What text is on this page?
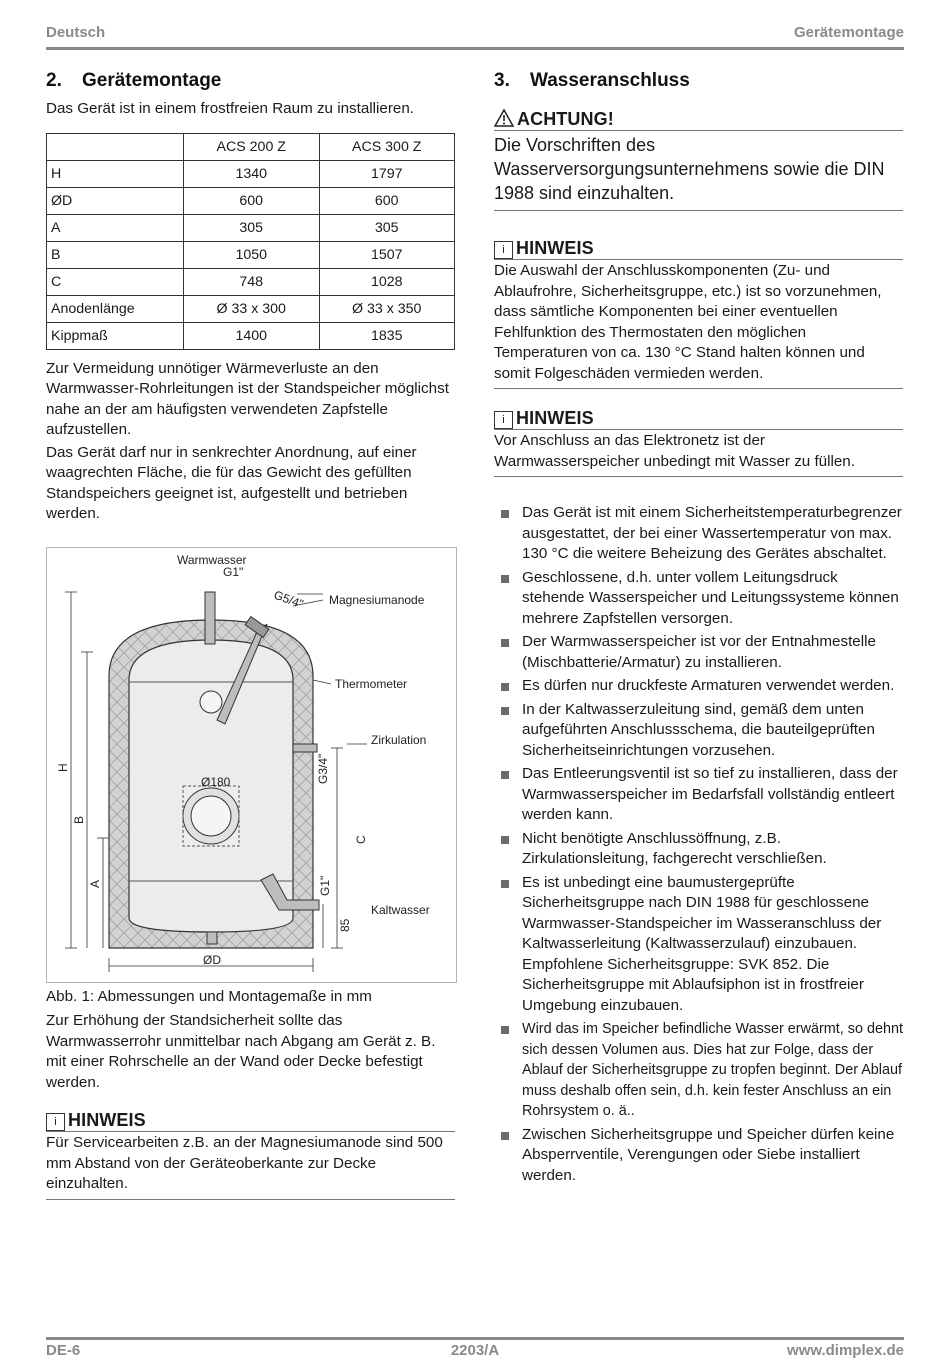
Deutsch	Gerätemontage
2. Gerätemontage

Das Gerät ist in einem frostfreien Raum zu installieren.

	ACS 200 Z	ACS 300 Z
H	1340	1797
ØD	600	600
A	305	305
B	1050	1507
C	748	1028
Anodenlänge	Ø 33 x 300	Ø 33 x 350
Kippmaß	1400	1835

Zur Vermeidung unnötiger Wärmeverluste an den Warmwasser-Rohrleitungen ist der Standspeicher möglichst nahe an der am häufigsten verwendeten Zapfstelle aufzustellen.

Das Gerät darf nur in senkrechter Anordnung, auf einer waagrechten Fläche, die für das Gewicht des gefüllten Standspeichers geeignet ist, aufgestellt und betrieben werden.

Warmwasser
G1"
G5/4" Magnesiumanode
Thermometer
Zirkulation
G3/4"
Ø180
H
B
A
C
G1"
Kaltwasser
85
ØD

Abb. 1: Abmessungen und Montagemaße in mm

Zur Erhöhung der Standsicherheit sollte das Warmwasserrohr unmittelbar nach Abgang am Gerät z. B. mit einer Rohrschelle an der Wand oder Decke befestigt werden.

i HINWEIS

Für Servicearbeiten z.B. an der Magnesiumanode sind 500 mm Abstand von der Geräteoberkante zur Decke einzuhalten.

3. Wasseranschluss
ACHTUNG!
Die Vorschriften des Wasserversorgungsunternehmens sowie die DIN 1988 sind einzuhalten.
i HINWEIS

Die Auswahl der Anschlusskomponenten (Zu- und Ablaufrohre, Sicherheitsgruppe, etc.) ist so vorzunehmen, dass sämtliche Komponenten bei einer eventuellen Fehlfunktion des Thermostaten den möglichen Temperaturen von ca. 130 °C Stand halten können und somit Folgeschäden vermieden werden.

i HINWEIS

Vor Anschluss an das Elektronetz ist der Warmwasserspeicher unbedingt mit Wasser zu füllen.

Das Gerät ist mit einem Sicherheitstemperaturbegrenzer ausgestattet, der bei einer Wassertemperatur von max. 130 °C die weitere Beheizung des Gerätes abschaltet.
Geschlossene, d.h. unter vollem Leitungsdruck stehende Wasserspeicher und Leitungssysteme können mehrere Zapfstellen versorgen.
Der Warmwasserspeicher ist vor der Entnahmestelle (Mischbatterie/Armatur) zu installieren.
Es dürfen nur druckfeste Armaturen verwendet werden.
In der Kaltwasserzuleitung sind, gemäß dem unten aufgeführten Anschlussschema, die bauteilgeprüften Sicherheitseinrichtungen vorzusehen.
Das Entleerungsventil ist so tief zu installieren, dass der Warmwasserspeicher im Bedarfsfall vollständig entleert werden kann.
Nicht benötigte Anschlussöffnung, z.B. Zirkulationsleitung, fachgerecht verschließen.
Es ist unbedingt eine baumustergeprüfte Sicherheitsgruppe nach DIN 1988 für geschlossene Warmwasser-Standspeicher im Wasseranschluss der Kaltwasserleitung (Kaltwasserzulauf) einzubauen. Empfohlene Sicherheitsgruppe: SVK 852. Die Sicherheitsgruppe mit Ablaufsiphon ist in frostfreier Umgebung einzubauen.
Wird das im Speicher befindliche Wasser erwärmt, so dehnt sich dessen Volumen aus. Dies hat zur Folge, dass der Ablauf der Sicherheitsgruppe zu tropfen beginnt. Der Ablauf muss deshalb offen sein, d.h. kein fester Anschluss an ein Rohrsystem o. ä..
Zwischen Sicherheitsgruppe und Speicher dürfen keine Absperrventile, Verengungen oder Siebe installiert werden.
DE-6	2203/A	www.dimplex.de
